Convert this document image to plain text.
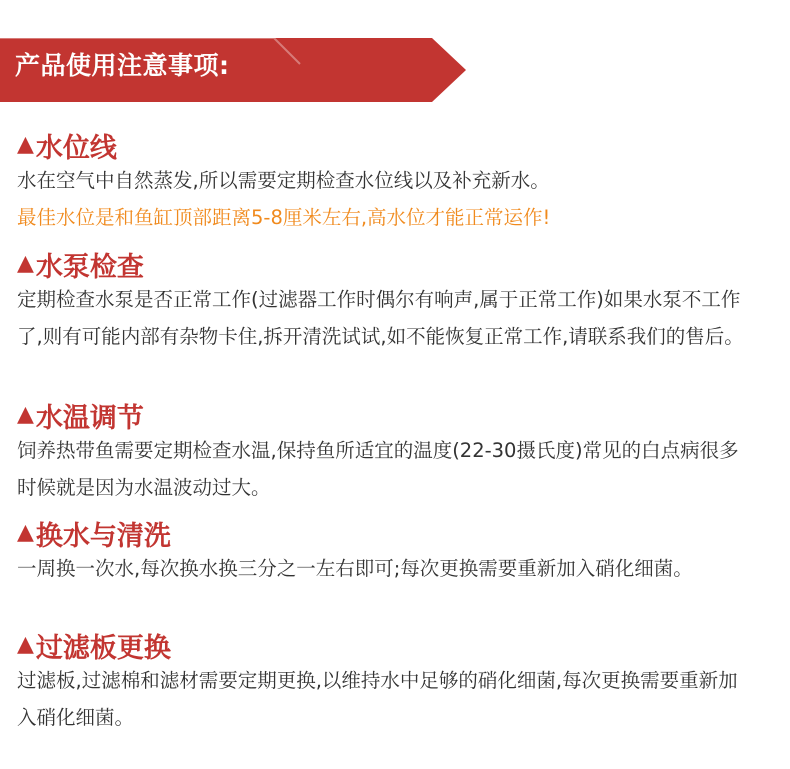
产品使用注意事项:
▲ 水位线
水在空气中自然蒸发,所以需要定期检查水位线以及补充新水。
最佳水位是和鱼缸顶部距离5-8厘米左右,高水位才能正常运作!
▲ 水泵检查
定期检查水泵是否正常工作(过滤器工作时偶尔有响声,属于正常工作)如果水泵不工作了,则有可能内部有杂物卡住,拆开清洗试试,如不能恢复正常工作,请联系我们的售后。
▲ 水温调节
饲养热带鱼需要定期检查水温,保持鱼所适宜的温度(22-30摄氏度)常见的白点病很多时候就是因为水温波动过大。
▲ 换水与清洗
一周换一次水,每次换水换三分之一左右即可;每次更换需要重新加入硝化细菌。
▲ 过滤板更换
过滤板,过滤棉和滤材需要定期更换,以维持水中足够的硝化细菌,每次更换需要重新加入硝化细菌。
